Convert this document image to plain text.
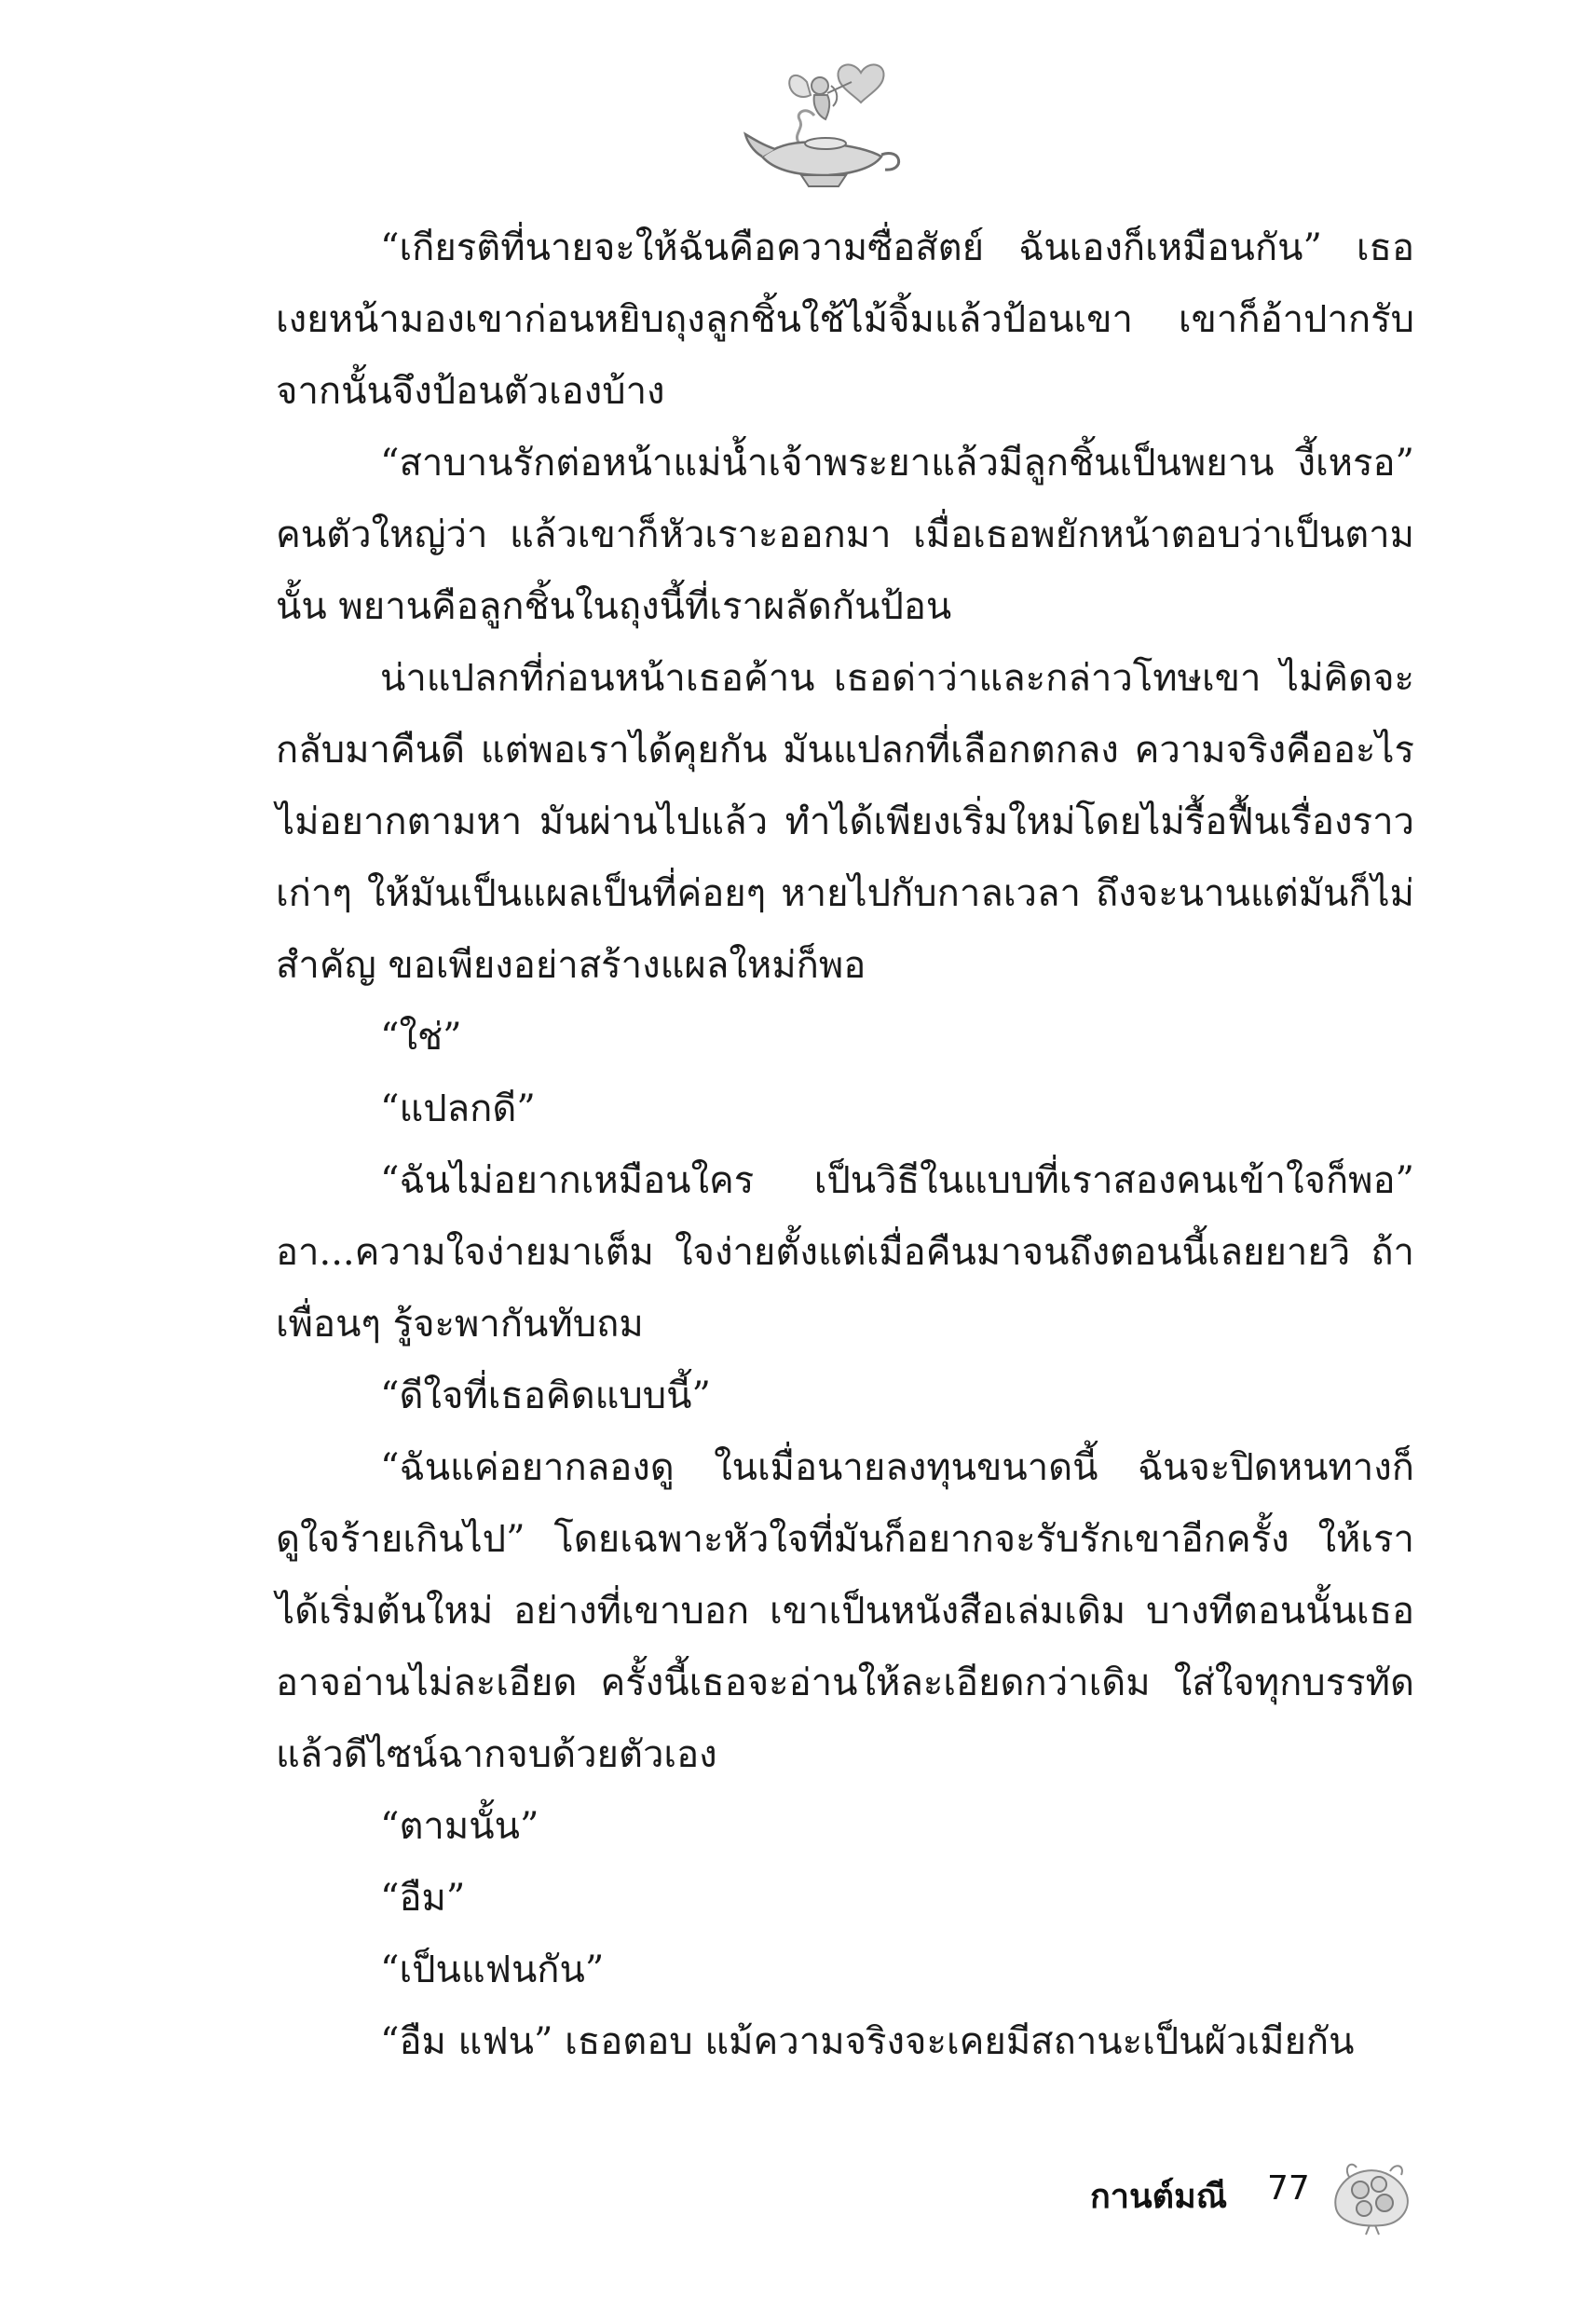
“เกียรติที่นายจะให้ฉันคือความซื่อสัตย์ ฉันเองก็เหมือนกัน” เธอเงยหน้ามองเขาก่อนหยิบถุงลูกชิ้นใช้ไม้จิ้มแล้วป้อนเขา เขาก็อ้าปากรับ จากนั้นจึงป้อนตัวเองบ้าง

“สาบานรักต่อหน้าแม่น้ำเจ้าพระยาแล้วมีลูกชิ้นเป็นพยาน งี้เหรอ” คนตัวใหญ่ว่า แล้วเขาก็หัวเราะออกมา เมื่อเธอพยักหน้าตอบว่าเป็นตามนั้น พยานคือลูกชิ้นในถุงนี้ที่เราผลัดกันป้อน

น่าแปลกที่ก่อนหน้าเธอค้าน เธอด่าว่าและกล่าวโทษเขา ไม่คิดจะกลับมาคืนดี แต่พอเราได้คุยกัน มันแปลกที่เลือกตกลง ความจริงคืออะไรไม่อยากตามหา มันผ่านไปแล้ว ทำได้เพียงเริ่มใหม่โดยไม่รื้อฟื้นเรื่องราวเก่าๆ ให้มันเป็นแผลเป็นที่ค่อยๆ หายไปกับกาลเวลา ถึงจะนานแต่มันก็ไม่สำคัญ ขอเพียงอย่าสร้างแผลใหม่ก็พอ

“ใช่”

“แปลกดี”

“ฉันไม่อยากเหมือนใคร เป็นวิธีในแบบที่เราสองคนเข้าใจก็พอ” อา...ความใจง่ายมาเต็ม ใจง่ายตั้งแต่เมื่อคืนมาจนถึงตอนนี้เลยยายวิ ถ้าเพื่อนๆ รู้จะพากันทับถม

“ดีใจที่เธอคิดแบบนี้”

“ฉันแค่อยากลองดู ในเมื่อนายลงทุนขนาดนี้ ฉันจะปิดหนทางก็ดูใจร้ายเกินไป” โดยเฉพาะหัวใจที่มันก็อยากจะรับรักเขาอีกครั้ง ให้เราได้เริ่มต้นใหม่ อย่างที่เขาบอก เขาเป็นหนังสือเล่มเดิม บางทีตอนนั้นเธออาจอ่านไม่ละเอียด ครั้งนี้เธอจะอ่านให้ละเอียดกว่าเดิม ใส่ใจทุกบรรทัดแล้วดีไซน์ฉากจบด้วยตัวเอง

“ตามนั้น”

“อืม”

“เป็นแฟนกัน”

“อืม แฟน” เธอตอบ แม้ความจริงจะเคยมีสถานะเป็นผัวเมียกัน

กานต์มณี 77
